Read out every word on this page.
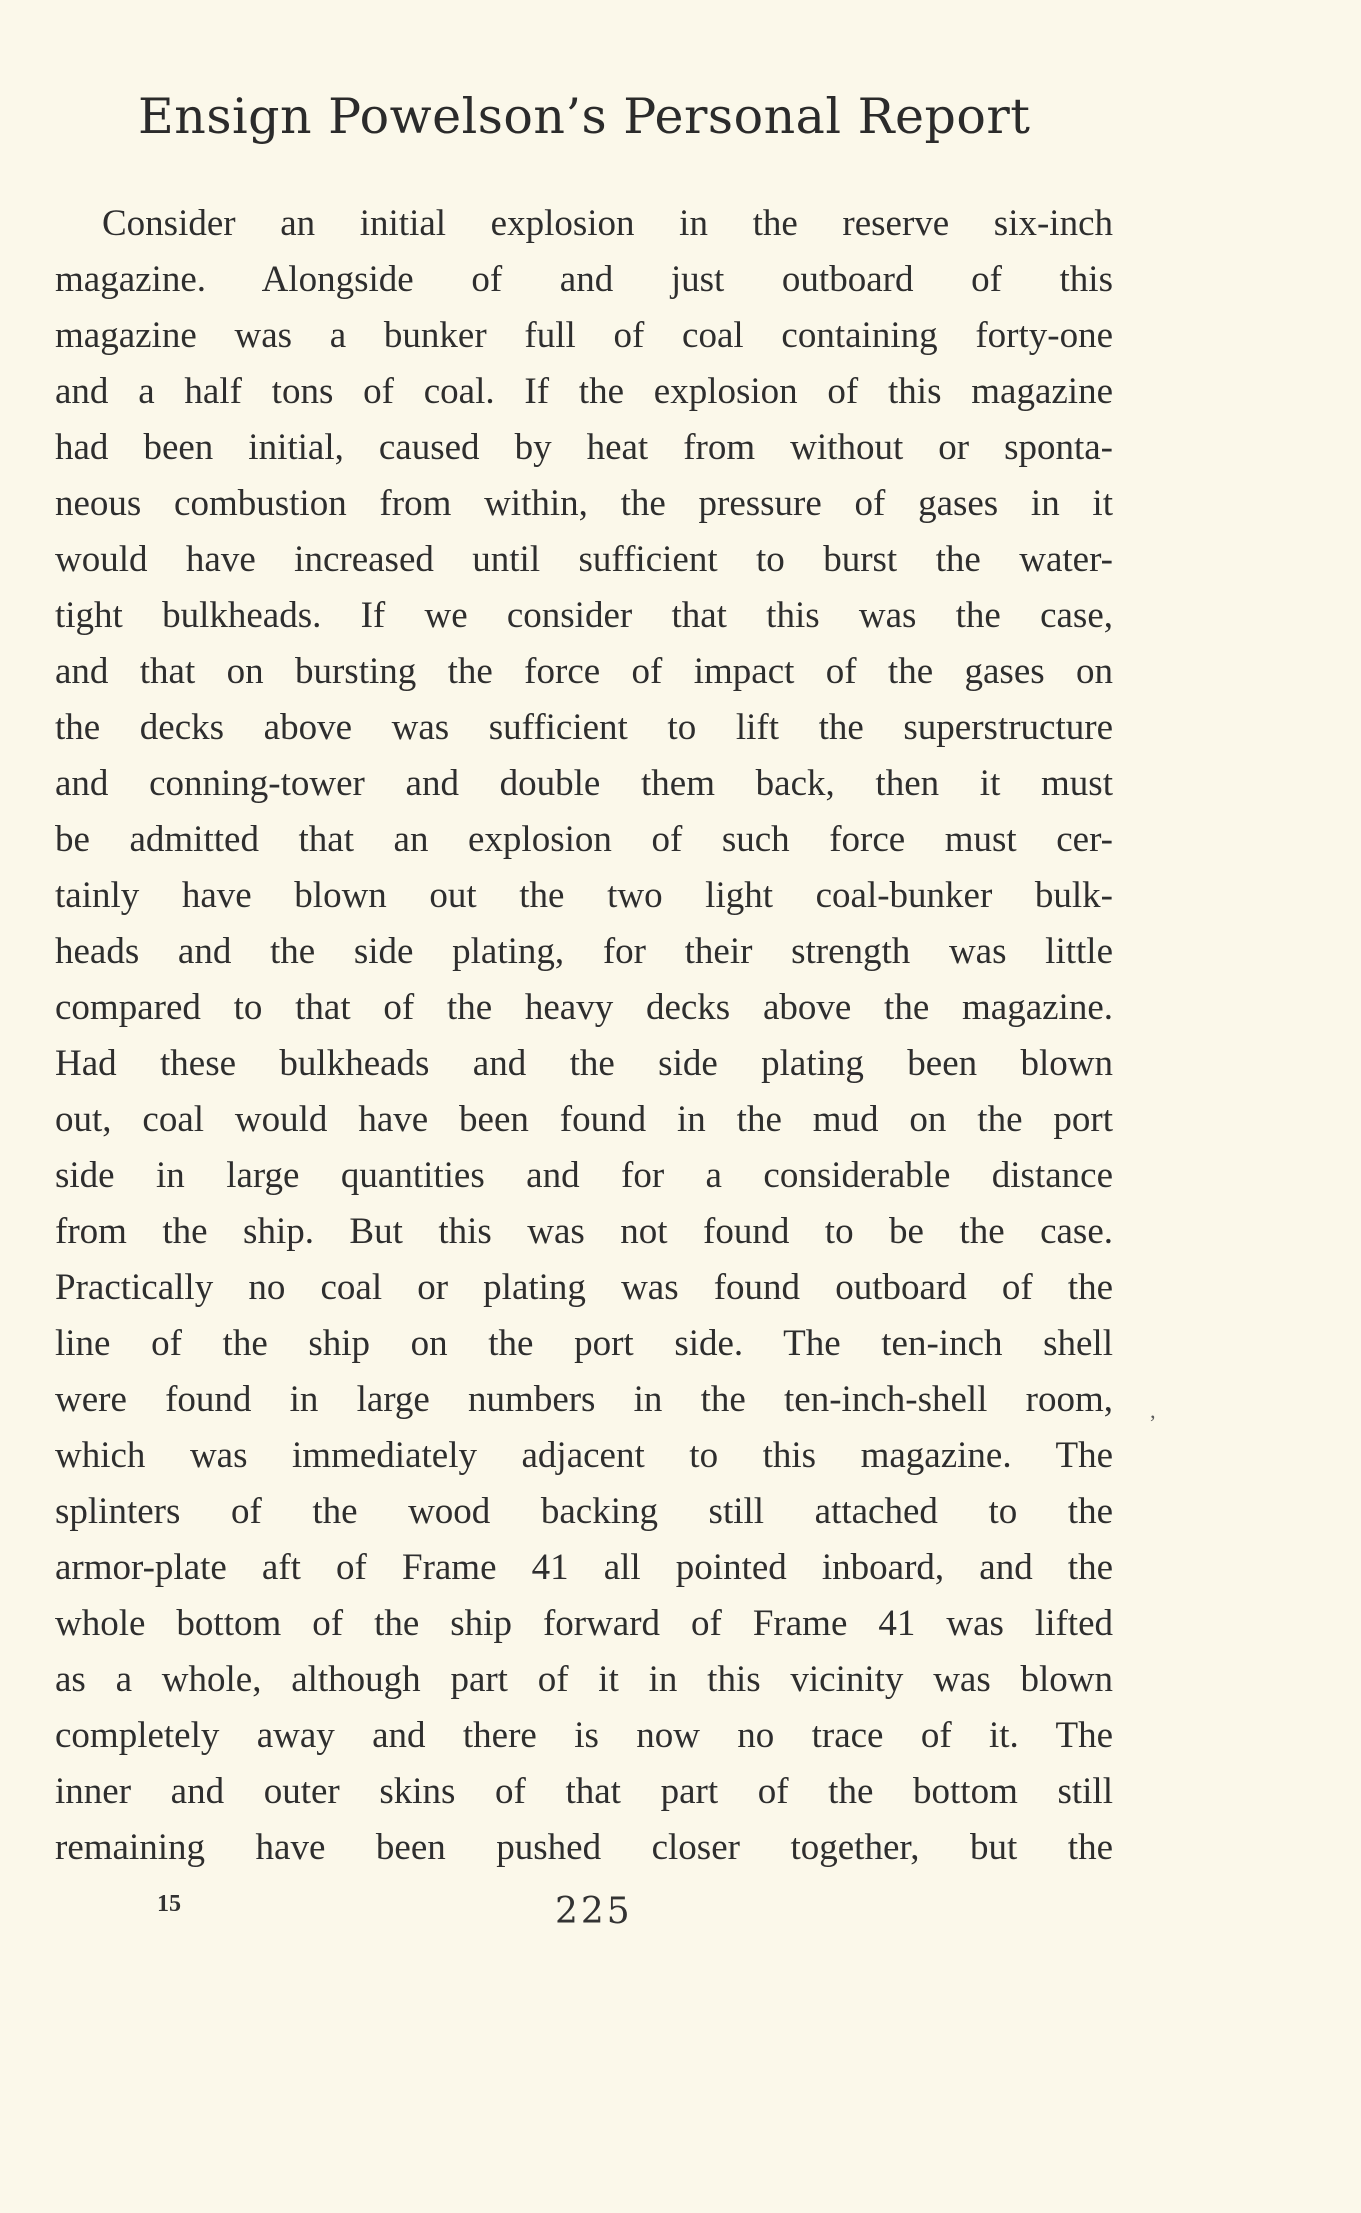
Ensign Powelson’s Personal Report
Consider an initial explosion in the reserve six-inch
magazine. Alongside of and just outboard of this
magazine was a bunker full of coal containing forty-one
and a half tons of coal. If the explosion of this magazine
had been initial, caused by heat from without or sponta-
neous combustion from within, the pressure of gases in it
would have increased until sufficient to burst the water-
tight bulkheads. If we consider that this was the case,
and that on bursting the force of impact of the gases on
the decks above was sufficient to lift the superstructure
and conning-tower and double them back, then it must
be admitted that an explosion of such force must cer-
tainly have blown out the two light coal-bunker bulk-
heads and the side plating, for their strength was little
compared to that of the heavy decks above the magazine.
Had these bulkheads and the side plating been blown
out, coal would have been found in the mud on the port
side in large quantities and for a considerable distance
from the ship. But this was not found to be the case.
Practically no coal or plating was found outboard of the
line of the ship on the port side. The ten-inch shell
were found in large numbers in the ten-inch-shell room,
which was immediately adjacent to this magazine. The
splinters of the wood backing still attached to the
armor-plate aft of Frame 41 all pointed inboard, and the
whole bottom of the ship forward of Frame 41 was lifted
as a whole, although part of it in this vicinity was blown
completely away and there is now no trace of it. The
inner and outer skins of that part of the bottom still
remaining have been pushed closer together, but the
‚
15	225
